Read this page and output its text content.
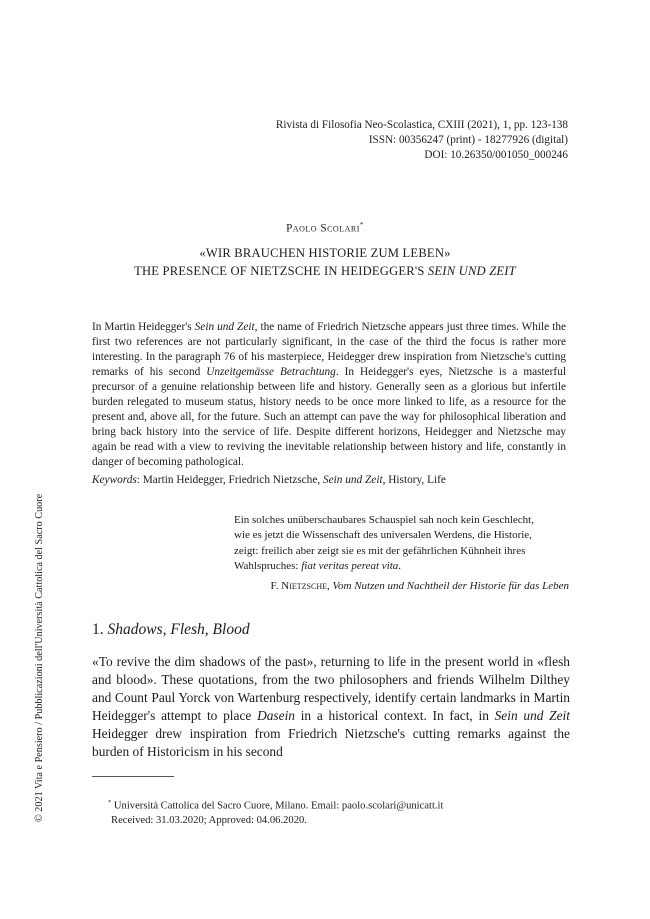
Rivista di Filosofia Neo-Scolastica, CXIII (2021), 1, pp. 123-138
ISSN: 00356247 (print) - 18277926 (digital)
DOI: 10.26350/001050_000246
Paolo Scolari*
«WIR BRAUCHEN HISTORIE ZUM LEBEN»
THE PRESENCE OF NIETZSCHE IN HEIDEGGER'S SEIN UND ZEIT
In Martin Heidegger's Sein und Zeit, the name of Friedrich Nietzsche appears just three times. While the first two references are not particularly significant, in the case of the third the focus is rather more interesting. In the paragraph 76 of his masterpiece, Heidegger drew inspiration from Nietzsche's cutting remarks of his second Unzeitgemässe Betrachtung. In Heidegger's eyes, Nietzsche is a masterful precursor of a genuine relationship between life and history. Generally seen as a glorious but infertile burden relegated to museum status, history needs to be once more linked to life, as a resource for the present and, above all, for the future. Such an attempt can pave the way for philosophical liberation and bring back history into the service of life. Despite different horizons, Heidegger and Nietzsche may again be read with a view to reviving the inevitable relationship between history and life, constantly in danger of becoming pathological.
Keywords: Martin Heidegger, Friedrich Nietzsche, Sein und Zeit, History, Life
Ein solches unüberschaubares Schauspiel sah noch kein Geschlecht,
wie es jetzt die Wissenschaft des universalen Werdens, die Historie,
zeigt: freilich aber zeigt sie es mit der gefährlichen Kühnheit ihres
Wahlspruches: fiat veritas pereat vita.
F. Nietzsche, Vom Nutzen und Nachtheil der Historie für das Leben
1. Shadows, Flesh, Blood
«To revive the dim shadows of the past», returning to life in the present world in «flesh and blood». These quotations, from the two philosophers and friends Wilhelm Dilthey and Count Paul Yorck von Wartenburg respectively, identify certain landmarks in Martin Heidegger's attempt to place Dasein in a historical context. In fact, in Sein und Zeit Heidegger drew inspiration from Friedrich Nietzsche's cutting remarks against the burden of Historicism in his second
* Università Cattolica del Sacro Cuore, Milano. Email: paolo.scolari@unicatt.it
Received: 31.03.2020; Approved: 04.06.2020.
© 2021 Vita e Pensiero / Pubblicazioni dell'Università Cattolica del Sacro Cuore
